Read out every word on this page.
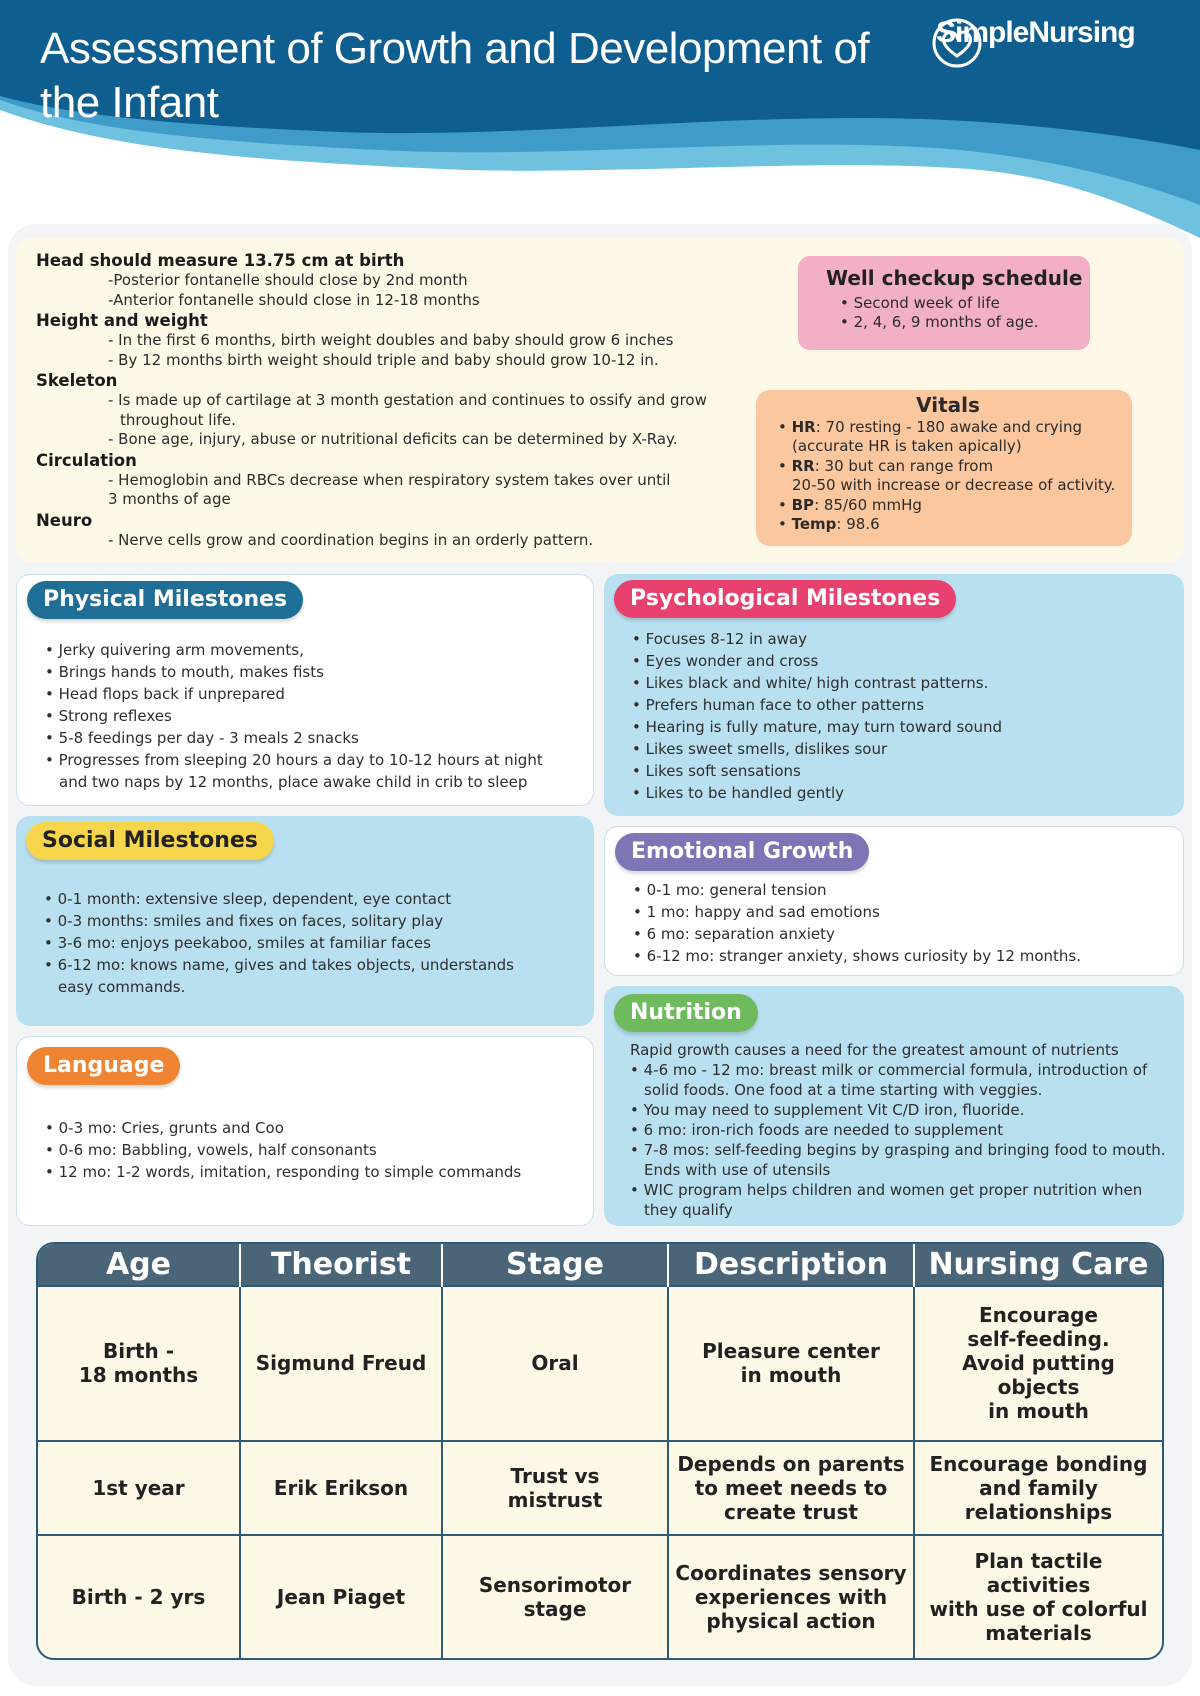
Assessment of Growth and Development of the Infant
SimpleNursing
Head should measure 13.75 cm at birth
-Posterior fontanelle should close by 2nd month
-Anterior fontanelle should close in 12-18 months
Height and weight
- In the first 6 months, birth weight doubles and baby should grow 6 inches
- By 12 months birth weight should triple and baby should grow 10-12 in.
Skeleton
- Is made up of cartilage at 3 month gestation and continues to ossify and grow
throughout life.
- Bone age, injury, abuse or nutritional deficits can be determined by X-Ray.
Circulation
- Hemoglobin and RBCs decrease when respiratory system takes over until
3 months of age
Neuro
- Nerve cells grow and coordination begins in an orderly pattern.
Well checkup schedule
• Second week of life
• 2, 4, 6, 9 months of age.
Vitals
• HR: 70 resting - 180 awake and crying
(accurate HR is taken apically)
• RR: 30 but can range from
20-50 with increase or decrease of activity.
• BP: 85/60 mmHg
• Temp: 98.6
Physical Milestones
• Jerky quivering arm movements,
• Brings hands to mouth, makes fists
• Head flops back if unprepared
• Strong reflexes
• 5-8 feedings per day - 3 meals 2 snacks
• Progresses from sleeping 20 hours a day to 10-12 hours at night and two naps by 12 months, place awake child in crib to sleep
Psychological Milestones
• Focuses 8-12 in away
• Eyes wonder and cross
• Likes black and white/ high contrast patterns.
• Prefers human face to other patterns
• Hearing is fully mature, may turn toward sound
• Likes sweet smells, dislikes sour
• Likes soft sensations
• Likes to be handled gently
Social Milestones
• 0-1 month: extensive sleep, dependent, eye contact
• 0-3 months: smiles and fixes on faces, solitary play
• 3-6 mo: enjoys peekaboo, smiles at familiar faces
• 6-12 mo: knows name, gives and takes objects, understands easy commands.
Emotional Growth
• 0-1 mo: general tension
• 1 mo: happy and sad emotions
• 6 mo: separation anxiety
• 6-12 mo: stranger anxiety, shows curiosity by 12 months.
Language
• 0-3 mo: Cries, grunts and Coo
• 0-6 mo: Babbling, vowels, half consonants
• 12 mo: 1-2 words, imitation, responding to simple commands
Nutrition
Rapid growth causes a need for the greatest amount of nutrients
• 4-6 mo - 12 mo: breast milk or commercial formula, introduction of solid foods. One food at a time starting with veggies.
• You may need to supplement Vit C/D iron, fluoride.
• 6 mo: iron-rich foods are needed to supplement
• 7-8 mos: self-feeding begins by grasping and bringing food to mouth. Ends with use of utensils
• WIC program helps children and women get proper nutrition when they qualify
Age	Theorist	Stage	Description	Nursing Care
Birth -
18 months	Sigmund Freud	Oral	Pleasure center
in mouth	Encourage
self-feeding.
Avoid putting objects
in mouth
1st year	Erik Erikson	Trust vs
mistrust	Depends on parents
to meet needs to
create trust	Encourage bonding
and family
relationships
Birth - 2 yrs	Jean Piaget	Sensorimotor
stage	Coordinates sensory
experiences with
physical action	Plan tactile activities
with use of colorful
materials
